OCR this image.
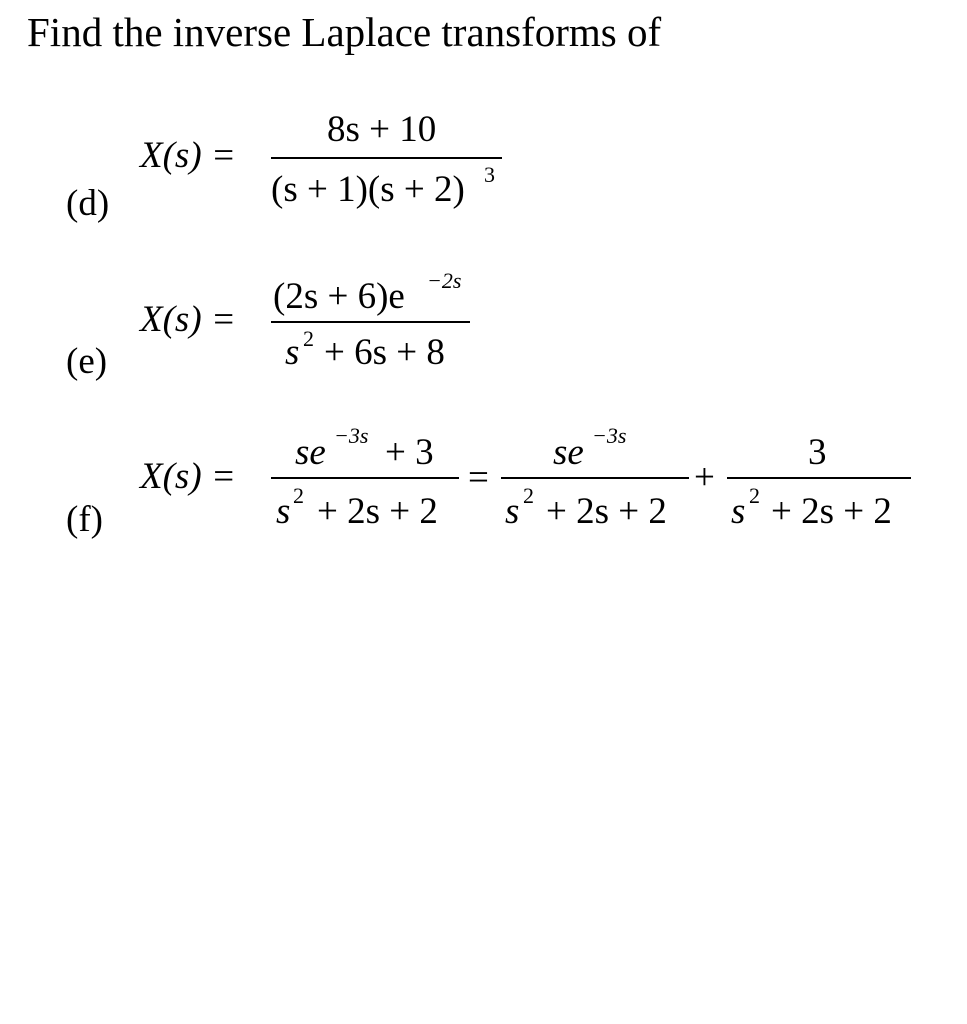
Find the inverse Laplace transforms of
(d)
X(s) =
8s + 10
(s + 1)(s + 2) 3
(e)
X(s) =
(2s + 6)e −2s
s 2 + 6s + 8
(f)
X(s) =
se −3s + 3
s 2 + 2s + 2
=
se −3s
s 2 + 2s + 2
+
3
s 2 + 2s + 2
